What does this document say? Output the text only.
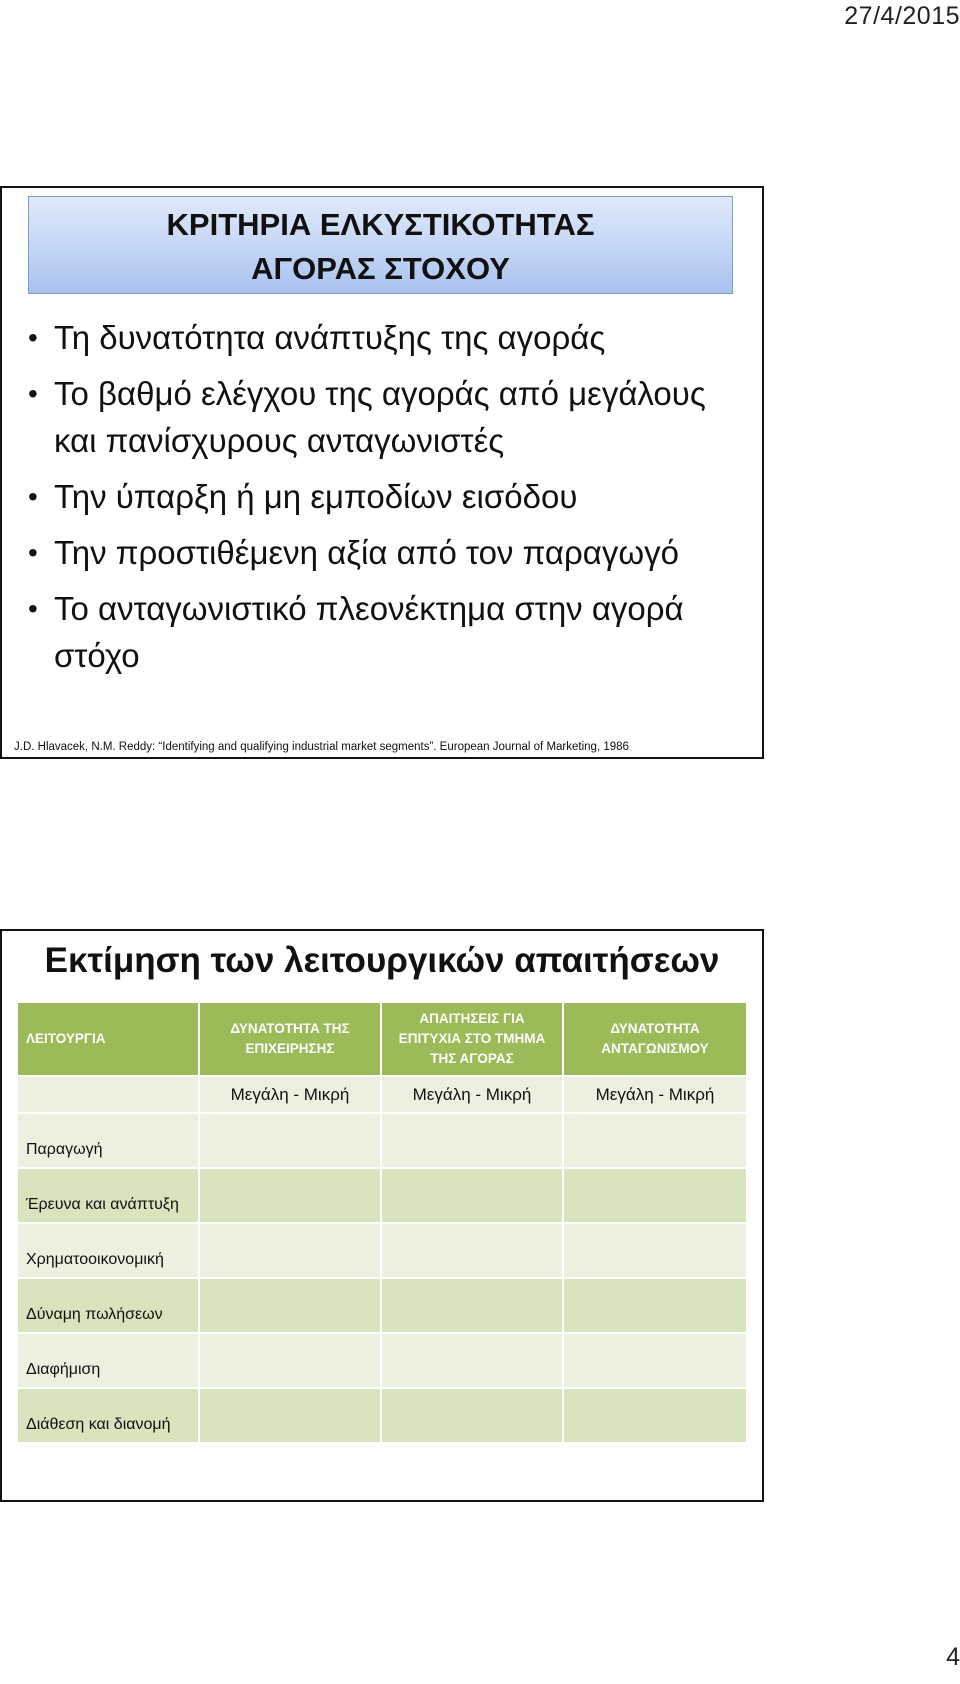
27/4/2015
ΚΡΙΤΗΡΙΑ ΕΛΚΥΣΤΙΚΟΤΗΤΑΣ
ΑΓΟΡΑΣ ΣΤΟΧΟΥ
• Τη δυνατότητα ανάπτυξης της αγοράς
• Το βαθμό ελέγχου της αγοράς από μεγάλους και πανίσχυρους ανταγωνιστές
• Την ύπαρξη ή μη εμποδίων εισόδου
• Την προστιθέμενη αξία από τον παραγωγό
• Το ανταγωνιστικό πλεονέκτημα στην αγορά στόχο
J.D. Hlavacek, N.M. Reddy: “Identifying and qualifying industrial market segments”. European Journal of Marketing, 1986
Εκτίμηση των λειτουργικών απαιτήσεων
ΛΕΙΤΟΥΡΓΙΑ	ΔΥΝΑΤΟΤΗΤΑ ΤΗΣ ΕΠΙΧΕΙΡΗΣΗΣ	ΑΠΑΙΤΗΣΕΙΣ ΓΙΑ ΕΠΙΤΥΧΙΑ ΣΤΟ ΤΜΗΜΑ ΤΗΣ ΑΓΟΡΑΣ	ΔΥΝΑΤΟΤΗΤΑ ΑΝΤΑΓΩΝΙΣΜΟΥ
	Μεγάλη - Μικρή	Μεγάλη - Μικρή	Μεγάλη - Μικρή
Παραγωγή			
Έρευνα και ανάπτυξη			
Χρηματοοικονομική			
Δύναμη πωλήσεων			
Διαφήμιση			
Διάθεση και διανομή			
4
